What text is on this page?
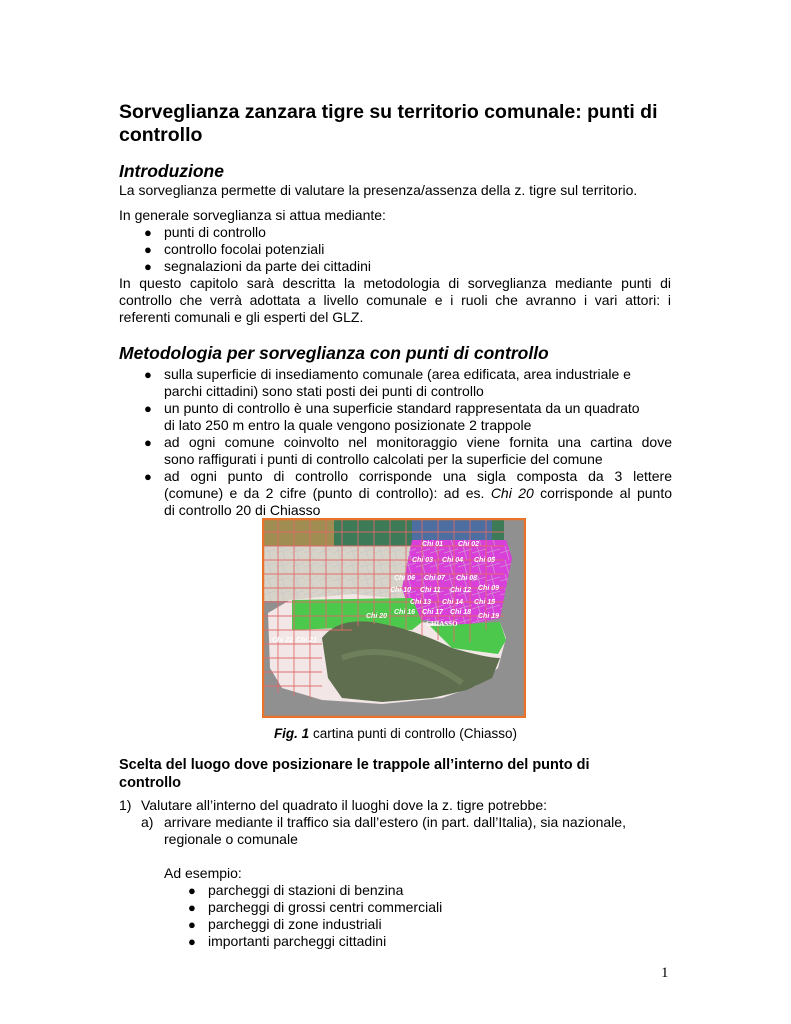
Sorveglianza zanzara tigre su territorio comunale: punti di controllo
Introduzione
La sorveglianza permette di valutare la presenza/assenza della z. tigre sul territorio.
In generale sorveglianza si attua mediante:
● punti di controllo
● controllo focolai potenziali
● segnalazioni da parte dei cittadini
In questo capitolo sarà descritta la metodologia di sorveglianza mediante punti di
controllo che verrà adottata a livello comunale e i ruoli che avranno i vari attori: i
referenti comunali e gli esperti del GLZ.
Metodologia per sorveglianza con punti di controllo
● sulla superficie di insediamento comunale (area edificata, area industriale e
parchi cittadini) sono stati posti dei punti di controllo
● un punto di controllo è una superficie standard rappresentata da un quadrato
di lato 250 m entro la quale vengono posizionate 2 trappole
● ad ogni comune coinvolto nel monitoraggio viene fornita una cartina dove
sono raffigurati i punti di controllo calcolati per la superficie del comune
● ad ogni punto di controllo corrisponde una sigla composta da 3 lettere
(comune) e da 2 cifre (punto di controllo): ad es. Chi 20 corrisponde al punto
di controllo 20 di Chiasso
Chi 01 Chi 02
Chi 03 Chi 04 Chi 05
Chi 06 Chi 07 Chi 08
Chi 09
Chi 10 Chi 11 Chi 12
Chi 13 Chi 14 Chi 15
Chi 16 Chi 17 Chi 18
Chi 19
Chi 20
Chi 21
Chi 22
CHIASSO
Fig. 1 cartina punti di controllo (Chiasso)
Scelta del luogo dove posizionare le trappole all’interno del punto di
controllo
1) Valutare all’interno del quadrato il luoghi dove la z. tigre potrebbe:
a) arrivare mediante il traffico sia dall’estero (in part. dall’Italia), sia nazionale,
regionale o comunale
Ad esempio:
● parcheggi di stazioni di benzina
● parcheggi di grossi centri commerciali
● parcheggi di zone industriali
● importanti parcheggi cittadini
1
